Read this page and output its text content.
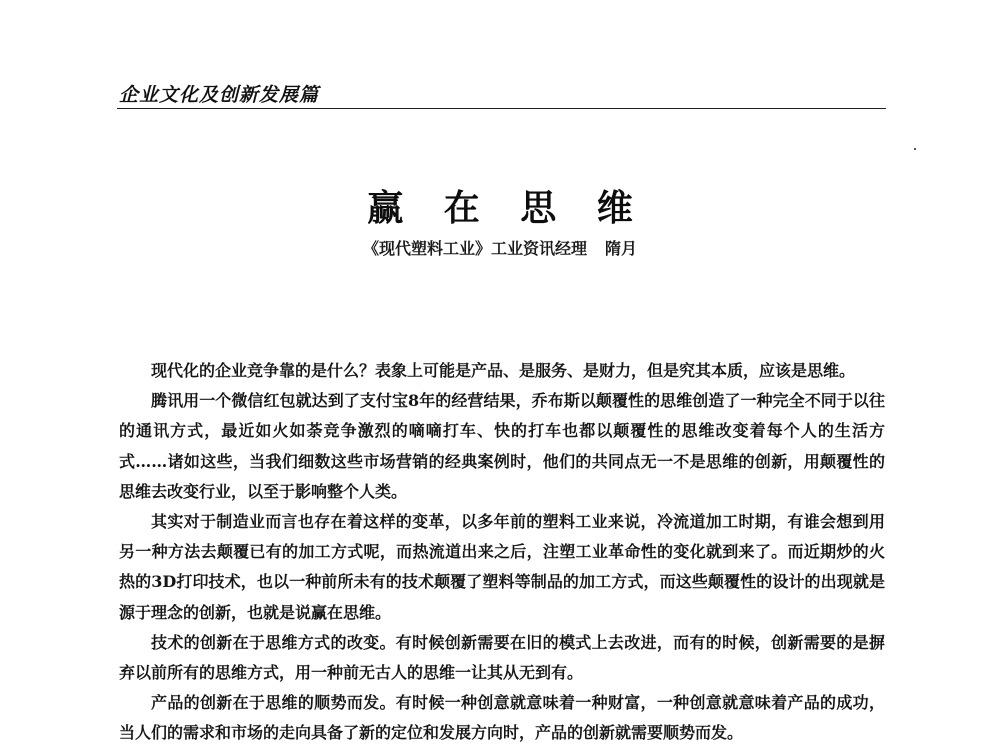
企业文化及创新发展篇
赢 在 思 维
《现代塑料工业》工业资讯经理 隋月

现代化的企业竞争靠的是什么？表象上可能是产品、是服务、是财力，但是究其本质，应该是思维。

腾讯用一个微信红包就达到了支付宝8年的经营结果，乔布斯以颠覆性的思维创造了一种完全不同于以往的通讯方式，最近如火如荼竞争激烈的嘀嘀打车、快的打车也都以颠覆性的思维改变着每个人的生活方式……诸如这些，当我们细数这些市场营销的经典案例时，他们的共同点无一不是思维的创新，用颠覆性的思维去改变行业，以至于影响整个人类。

其实对于制造业而言也存在着这样的变革，以多年前的塑料工业来说，冷流道加工时期，有谁会想到用另一种方法去颠覆已有的加工方式呢，而热流道出来之后，注塑工业革命性的变化就到来了。而近期炒的火热的3D打印技术，也以一种前所未有的技术颠覆了塑料等制品的加工方式，而这些颠覆性的设计的出现就是源于理念的创新，也就是说赢在思维。

技术的创新在于思维方式的改变。有时候创新需要在旧的模式上去改进，而有的时候，创新需要的是摒弃以前所有的思维方式，用一种前无古人的思维一让其从无到有。

产品的创新在于思维的顺势而发。有时候一种创意就意味着一种财富，一种创意就意味着产品的成功，当人们的需求和市场的走向具备了新的定位和发展方向时，产品的创新就需要顺势而发。
